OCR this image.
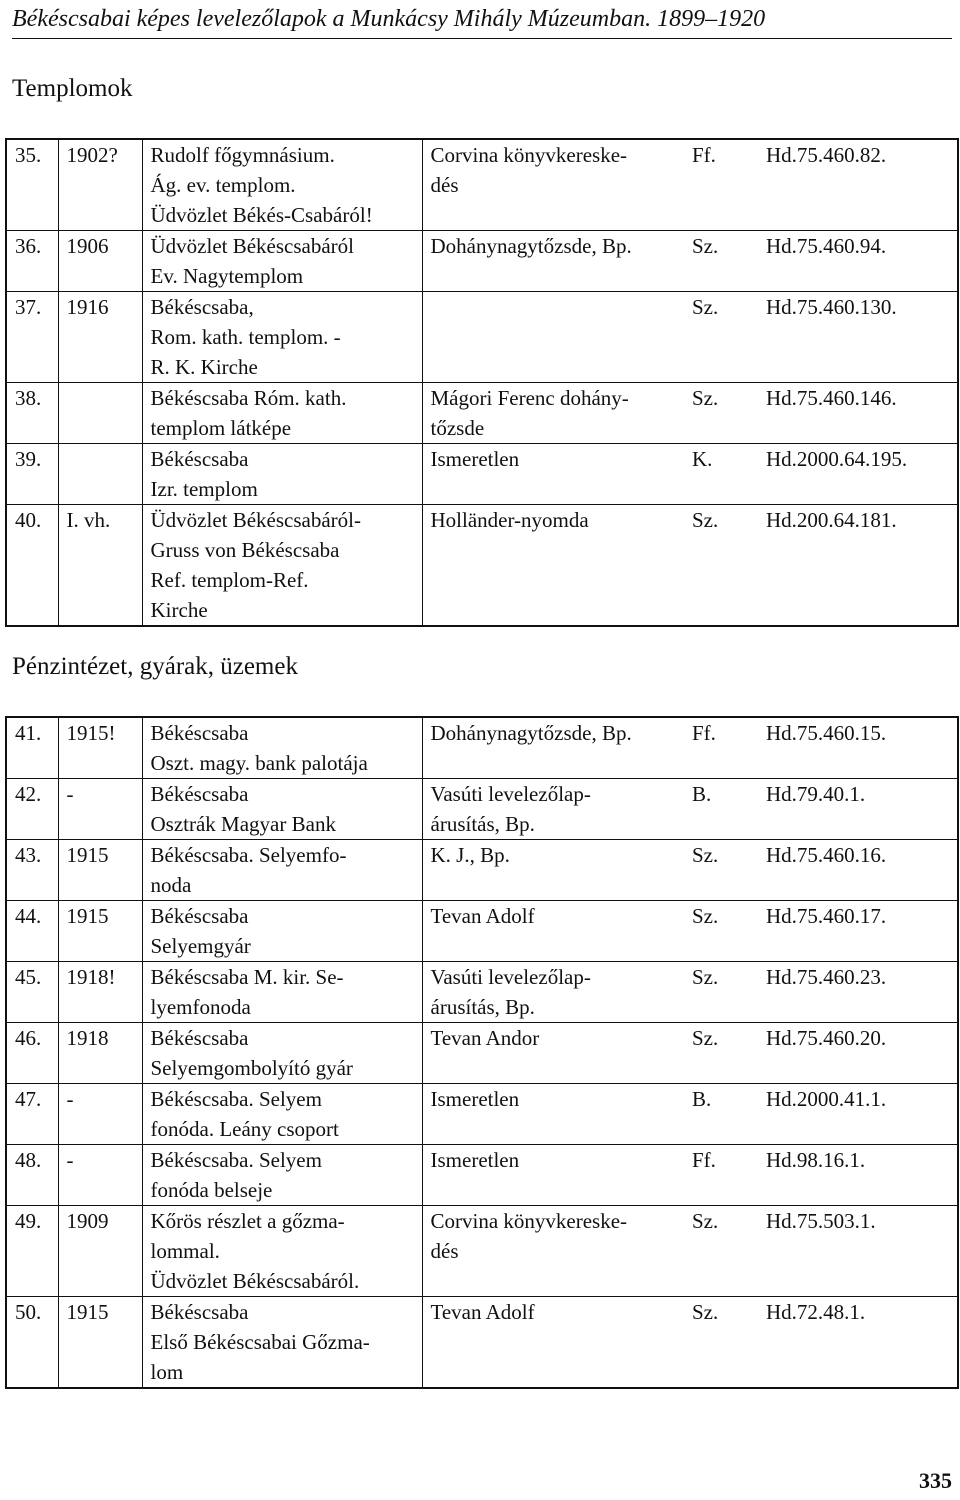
Békéscsabai képes levelezőlapok a Munkácsy Mihály Múzeumban. 1899–1920
Templomok
35.	1902?	Rudolf főgymnásium.
Ág. ev. templom.
Üdvözlet Békés-Csabáról!	Corvina könyvkereske-
dés	Ff.	Hd.75.460.82.
36.	1906	Üdvözlet Békéscsabáról
Ev. Nagytemplom	Dohánynagytőzsde, Bp.	Sz.	Hd.75.460.94.
37.	1916	Békéscsaba,
Rom. kath. templom. -
R. K. Kirche		Sz.	Hd.75.460.130.
38.		Békéscsaba Róm. kath.
templom látképe	Mágori Ferenc dohány-
tőzsde	Sz.	Hd.75.460.146.
39.		Békéscsaba
Izr. templom	Ismeretlen	K.	Hd.2000.64.195.
40.	I. vh.	Üdvözlet Békéscsabáról-
Gruss von Békéscsaba
Ref. templom-Ref.
Kirche	Holländer-nyomda	Sz.	Hd.200.64.181.
Pénzintézet, gyárak, üzemek
41.	1915!	Békéscsaba
Oszt. magy. bank palotája	Dohánynagytőzsde, Bp.	Ff.	Hd.75.460.15.
42.	-	Békéscsaba
Osztrák Magyar Bank	Vasúti levelezőlap-
árusítás, Bp.	B.	Hd.79.40.1.
43.	1915	Békéscsaba. Selyemfo-
noda	K. J., Bp.	Sz.	Hd.75.460.16.
44.	1915	Békéscsaba
Selyemgyár	Tevan Adolf	Sz.	Hd.75.460.17.
45.	1918!	Békéscsaba M. kir. Se-
lyemfonoda	Vasúti levelezőlap-
árusítás, Bp.	Sz.	Hd.75.460.23.
46.	1918	Békéscsaba
Selyemgombolyító gyár	Tevan Andor	Sz.	Hd.75.460.20.
47.	-	Békéscsaba. Selyem
fonóda. Leány csoport	Ismeretlen	B.	Hd.2000.41.1.
48.	-	Békéscsaba. Selyem
fonóda belseje	Ismeretlen	Ff.	Hd.98.16.1.
49.	1909	Kőrös részlet a gőzma-
lommal.
Üdvözlet Békéscsabáról.	Corvina könyvkereske-
dés	Sz.	Hd.75.503.1.
50.	1915	Békéscsaba
Első Békéscsabai Gőzma-
lom	Tevan Adolf	Sz.	Hd.72.48.1.
335
